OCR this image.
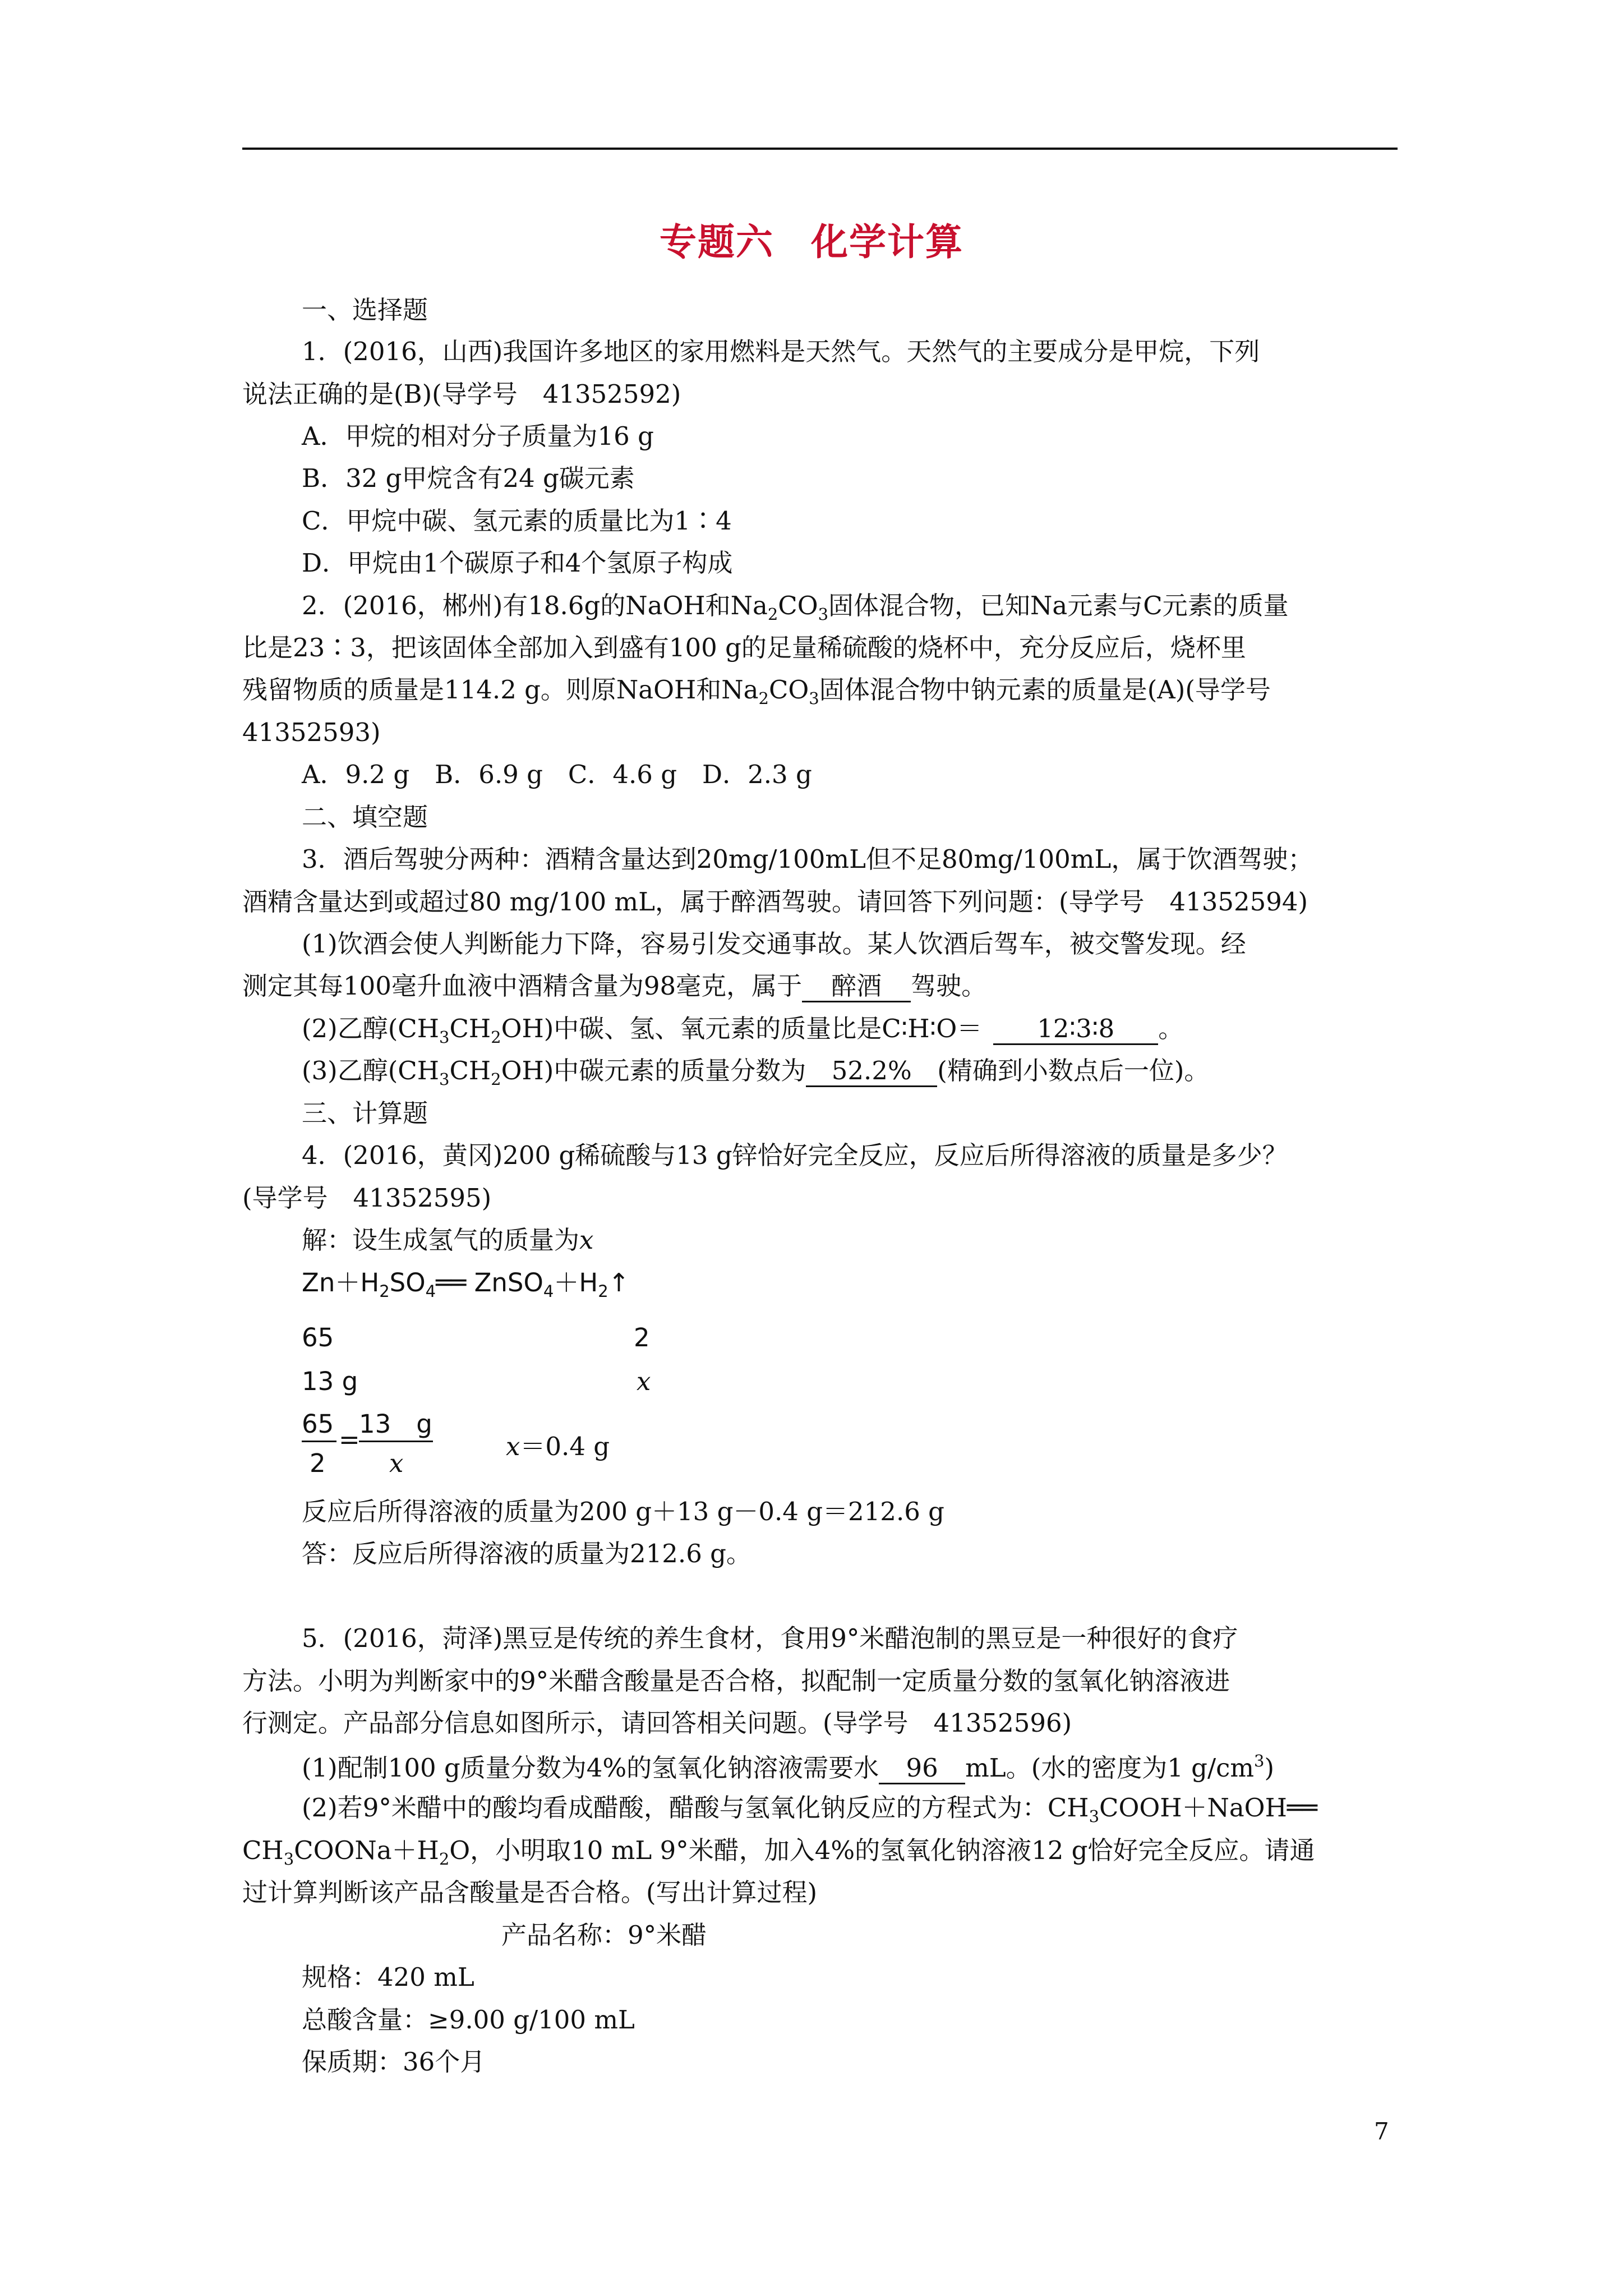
专题六 化学计算
一、选择题
1．(2016，山西)我国许多地区的家用燃料是天然气。天然气的主要成分是甲烷，下列
说法正确的是(B)(导学号　41352592)
A．甲烷的相对分子质量为16 g
B．32 g甲烷含有24 g碳元素
C．甲烷中碳、氢元素的质量比为1∶4
D．甲烷由1个碳原子和4个氢原子构成
2．(2016，郴州)有18.6g的NaOH和$Na_2CO_3$固体混合物，已知Na元素与C元素的质量
比是23∶3，把该固体全部加入到盛有100 g的足量稀硫酸的烧杯中，充分反应后，烧杯里
残留物质的质量是114.2 g。则原NaOH和$Na_2CO_3$固体混合物中钠元素的质量是(A)(导学号
41352593)
A．9.2 g　B．6.9 g　C．4.6 g　D．2.3 g
二、填空题
3．酒后驾驶分两种：酒精含量达到20mg/100mL但不足80mg/100mL，属于饮酒驾驶；
酒精含量达到或超过80 mg/100 mL，属于醉酒驾驶。请回答下列问题：(导学号　41352594)
(1)饮酒会使人判断能力下降，容易引发交通事故。某人饮酒后驾车，被交警发现。经
测定其每100毫升血液中酒精含量为98毫克，属于 醉酒 驾驶。
(2)乙醇$(CH_3CH_2OH)$中碳、氢、氧元素的质量比是C∶H∶O＝ 12∶3∶8 。
(3)乙醇$(CH_3CH_2OH)$中碳元素的质量分数为 52.2% (精确到小数点后一位)。
三、计算题
4．(2016，黄冈)200 g稀硫酸与13 g锌恰好完全反应，反应后所得溶液的质量是多少？
(导学号　41352595)
解：设生成氢气的质量为x
$Zn+H_2SO_4══$ $ZnSO_4+H_2↑$
65	2
13 g	x
65
2
=
13　g
x
x＝0.4 g
反应后所得溶液的质量为200 g＋13 g－0.4 g＝212.6 g
答：反应后所得溶液的质量为212.6 g。
5．(2016，菏泽)黑豆是传统的养生食材，食用9°米醋泡制的黑豆是一种很好的食疗
方法。小明为判断家中的9°米醋含酸量是否合格，拟配制一定质量分数的氢氧化钠溶液进
行测定。产品部分信息如图所示，请回答相关问题。(导学号　41352596)
(1)配制100 g质量分数为4%的氢氧化钠溶液需要水 96 mL。(水的密度为1 $g/cm^3$)
(2)若9°米醋中的酸均看成醋酸，醋酸与氢氧化钠反应的方程式为：$CH_3COOH+NaOH══$
$CH_3COONa+H_2O$，小明取10 mL 9°米醋，加入4%的氢氧化钠溶液12 g恰好完全反应。请通
过计算判断该产品含酸量是否合格。(写出计算过程)
产品名称：9°米醋
规格：420 mL
总酸含量：≥9.00 g/100 mL
保质期：36个月
7
